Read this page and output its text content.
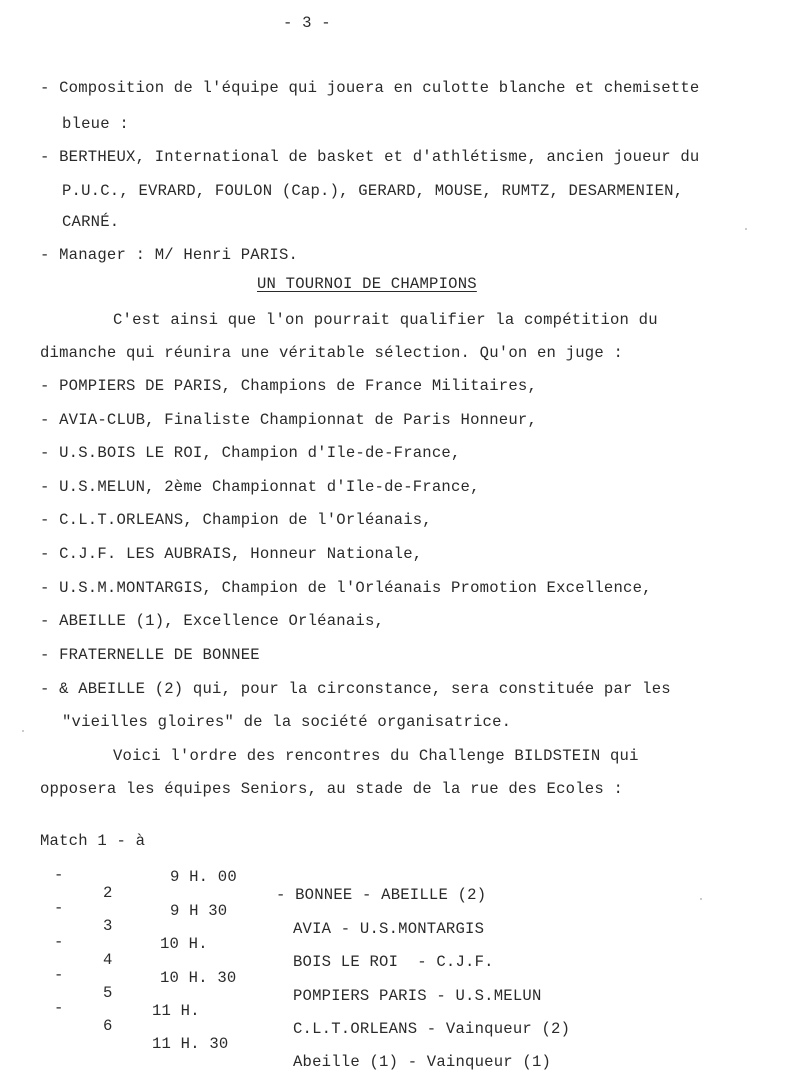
- 3 -
- Composition de l'équipe qui jouera en culotte blanche et chemisette
bleue :
- BERTHEUX, International de basket et d'athlétisme, ancien joueur du
P.U.C., EVRARD, FOULON (Cap.), GERARD, MOUSE, RUMTZ, DESARMENIEN,
CARNÉ.
- Manager : M/ Henri PARIS.
UN TOURNOI DE CHAMPIONS
C'est ainsi que l'on pourrait qualifier la compétition du
dimanche qui réunira une véritable sélection. Qu'on en juge :
- POMPIERS DE PARIS, Champions de France Militaires,
- AVIA-CLUB, Finaliste Championnat de Paris Honneur,
- U.S.BOIS LE ROI, Champion d'Ile-de-France,
- U.S.MELUN, 2ème Championnat d'Ile-de-France,
- C.L.T.ORLEANS, Champion de l'Orléanais,
- C.J.F. LES AUBRAIS, Honneur Nationale,
- U.S.M.MONTARGIS, Champion de l'Orléanais Promotion Excellence,
- ABEILLE (1), Excellence Orléanais,
- FRATERNELLE DE BONNEE
- & ABEILLE (2) qui, pour la circonstance, sera constituée par les
"vieilles gloires" de la société organisatrice.
Voici l'ordre des rencontres du Challenge BILDSTEIN qui
opposera les équipes Seniors, au stade de la rue des Ecoles :

Match 1 - à

9 H. 00

- BONNEE - ABEILLE (2)

-

2

9 H 30

AVIA - U.S.MONTARGIS

-

3

10 H.

BOIS LE ROI  - C.J.F.

-

4

10 H. 30

POMPIERS PARIS - U.S.MELUN

-

5

11 H.

C.L.T.ORLEANS - Vainqueur (2)

-

6

11 H. 30

Abeille (1) - Vainqueur (1)
